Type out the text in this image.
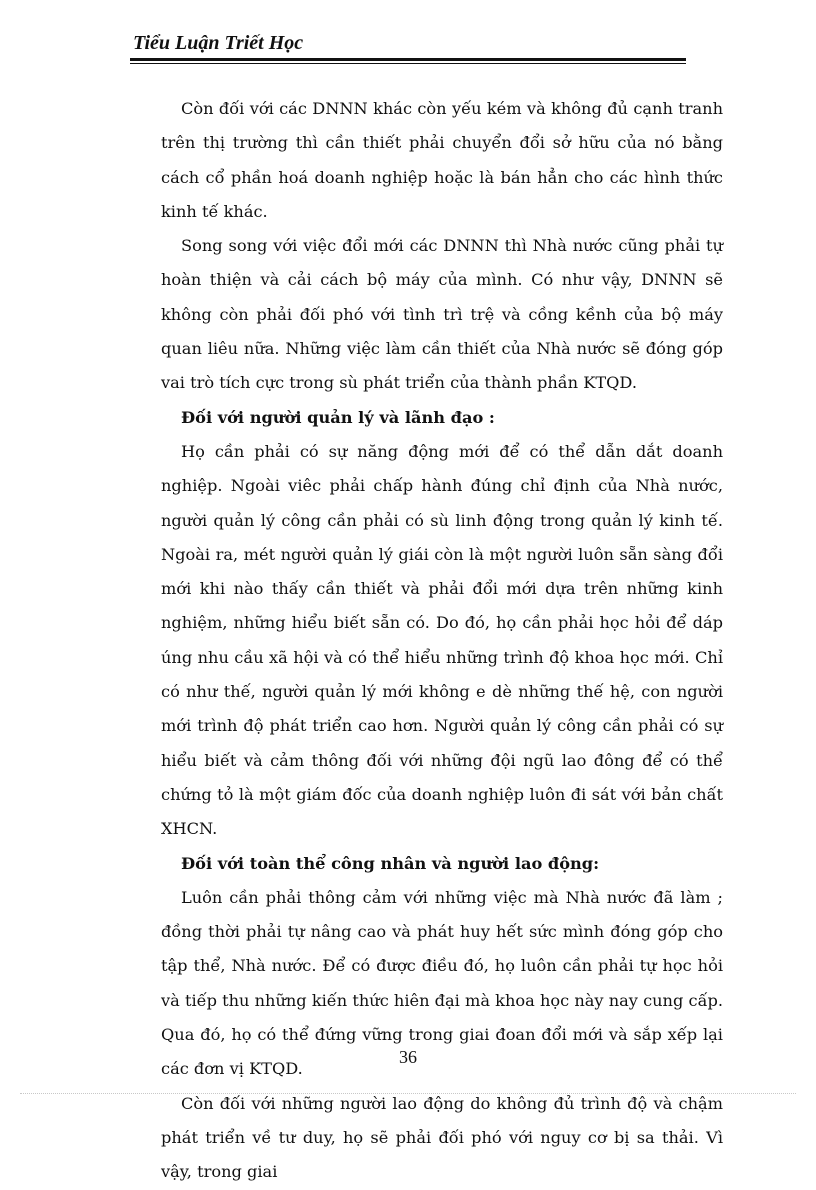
Tiểu Luận Triết Học

Còn đối với các DNNN khác còn yếu kém và không đủ cạnh tranh trên thị trường thì cần thiết phải chuyển đổi sở hữu của nó bằng cách cổ phần hoá doanh nghiệp hoặc là bán hẳn cho các hình thức kinh tế khác.

Song song với việc đổi mới các DNNN thì Nhà nước cũng phải tự hoàn thiện và cải cách bộ máy của mình. Có như vậy, DNNN sẽ không còn phải đối phó với tình trì trệ và cồng kềnh của bộ máy quan liêu nữa. Những việc làm cần thiết của Nhà nước sẽ đóng góp vai trò tích cực trong sù phát triển của thành phần KTQD.

Đối với người quản lý và lãnh đạo :

Họ cần phải có sự năng động mới để có thể dẫn dắt doanh nghiệp. Ngoài viêc phải chấp hành đúng chỉ định của Nhà nước, người quản lý công cần phải có sù linh động trong quản lý kinh tế. Ngoài ra, mét người quản lý giái còn là một người luôn sẵn sàng đổi mới khi nào thấy cần thiết và phải đổi mới dựa trên những kinh nghiệm, những hiểu biết sẵn có. Do đó, họ cần phải học hỏi để dáp úng nhu cầu xã hội và có thể hiểu những trình độ khoa học mới. Chỉ có như thế, người quản lý mới không e dè những thế hệ, con người mới trình độ phát triển cao hơn. Người quản lý công cần phải có sự hiểu biết và cảm thông đối với những đội ngũ lao đông để có thể chứng tỏ là một giám đốc của doanh nghiệp luôn đi sát với bản chất XHCN.

Đối với toàn thể công nhân và người lao động:

Luôn cần phải thông cảm với những việc mà Nhà nước đã làm ; đồng thời phải tự nâng cao và phát huy hết sức mình đóng góp cho tập thể, Nhà nước. Để có được điều đó, họ luôn cần phải tự học hỏi và tiếp thu những kiến thức hiên đại mà khoa học này nay cung cấp. Qua đó, họ có thể đứng vững trong giai đoan đổi mới và sắp xếp lại các đơn vị KTQD.

Còn đối với những người lao động do không đủ trình độ và chậm phát triển về tư duy, họ sẽ phải đối phó với nguy cơ bị sa thải. Vì vậy, trong giai

36
